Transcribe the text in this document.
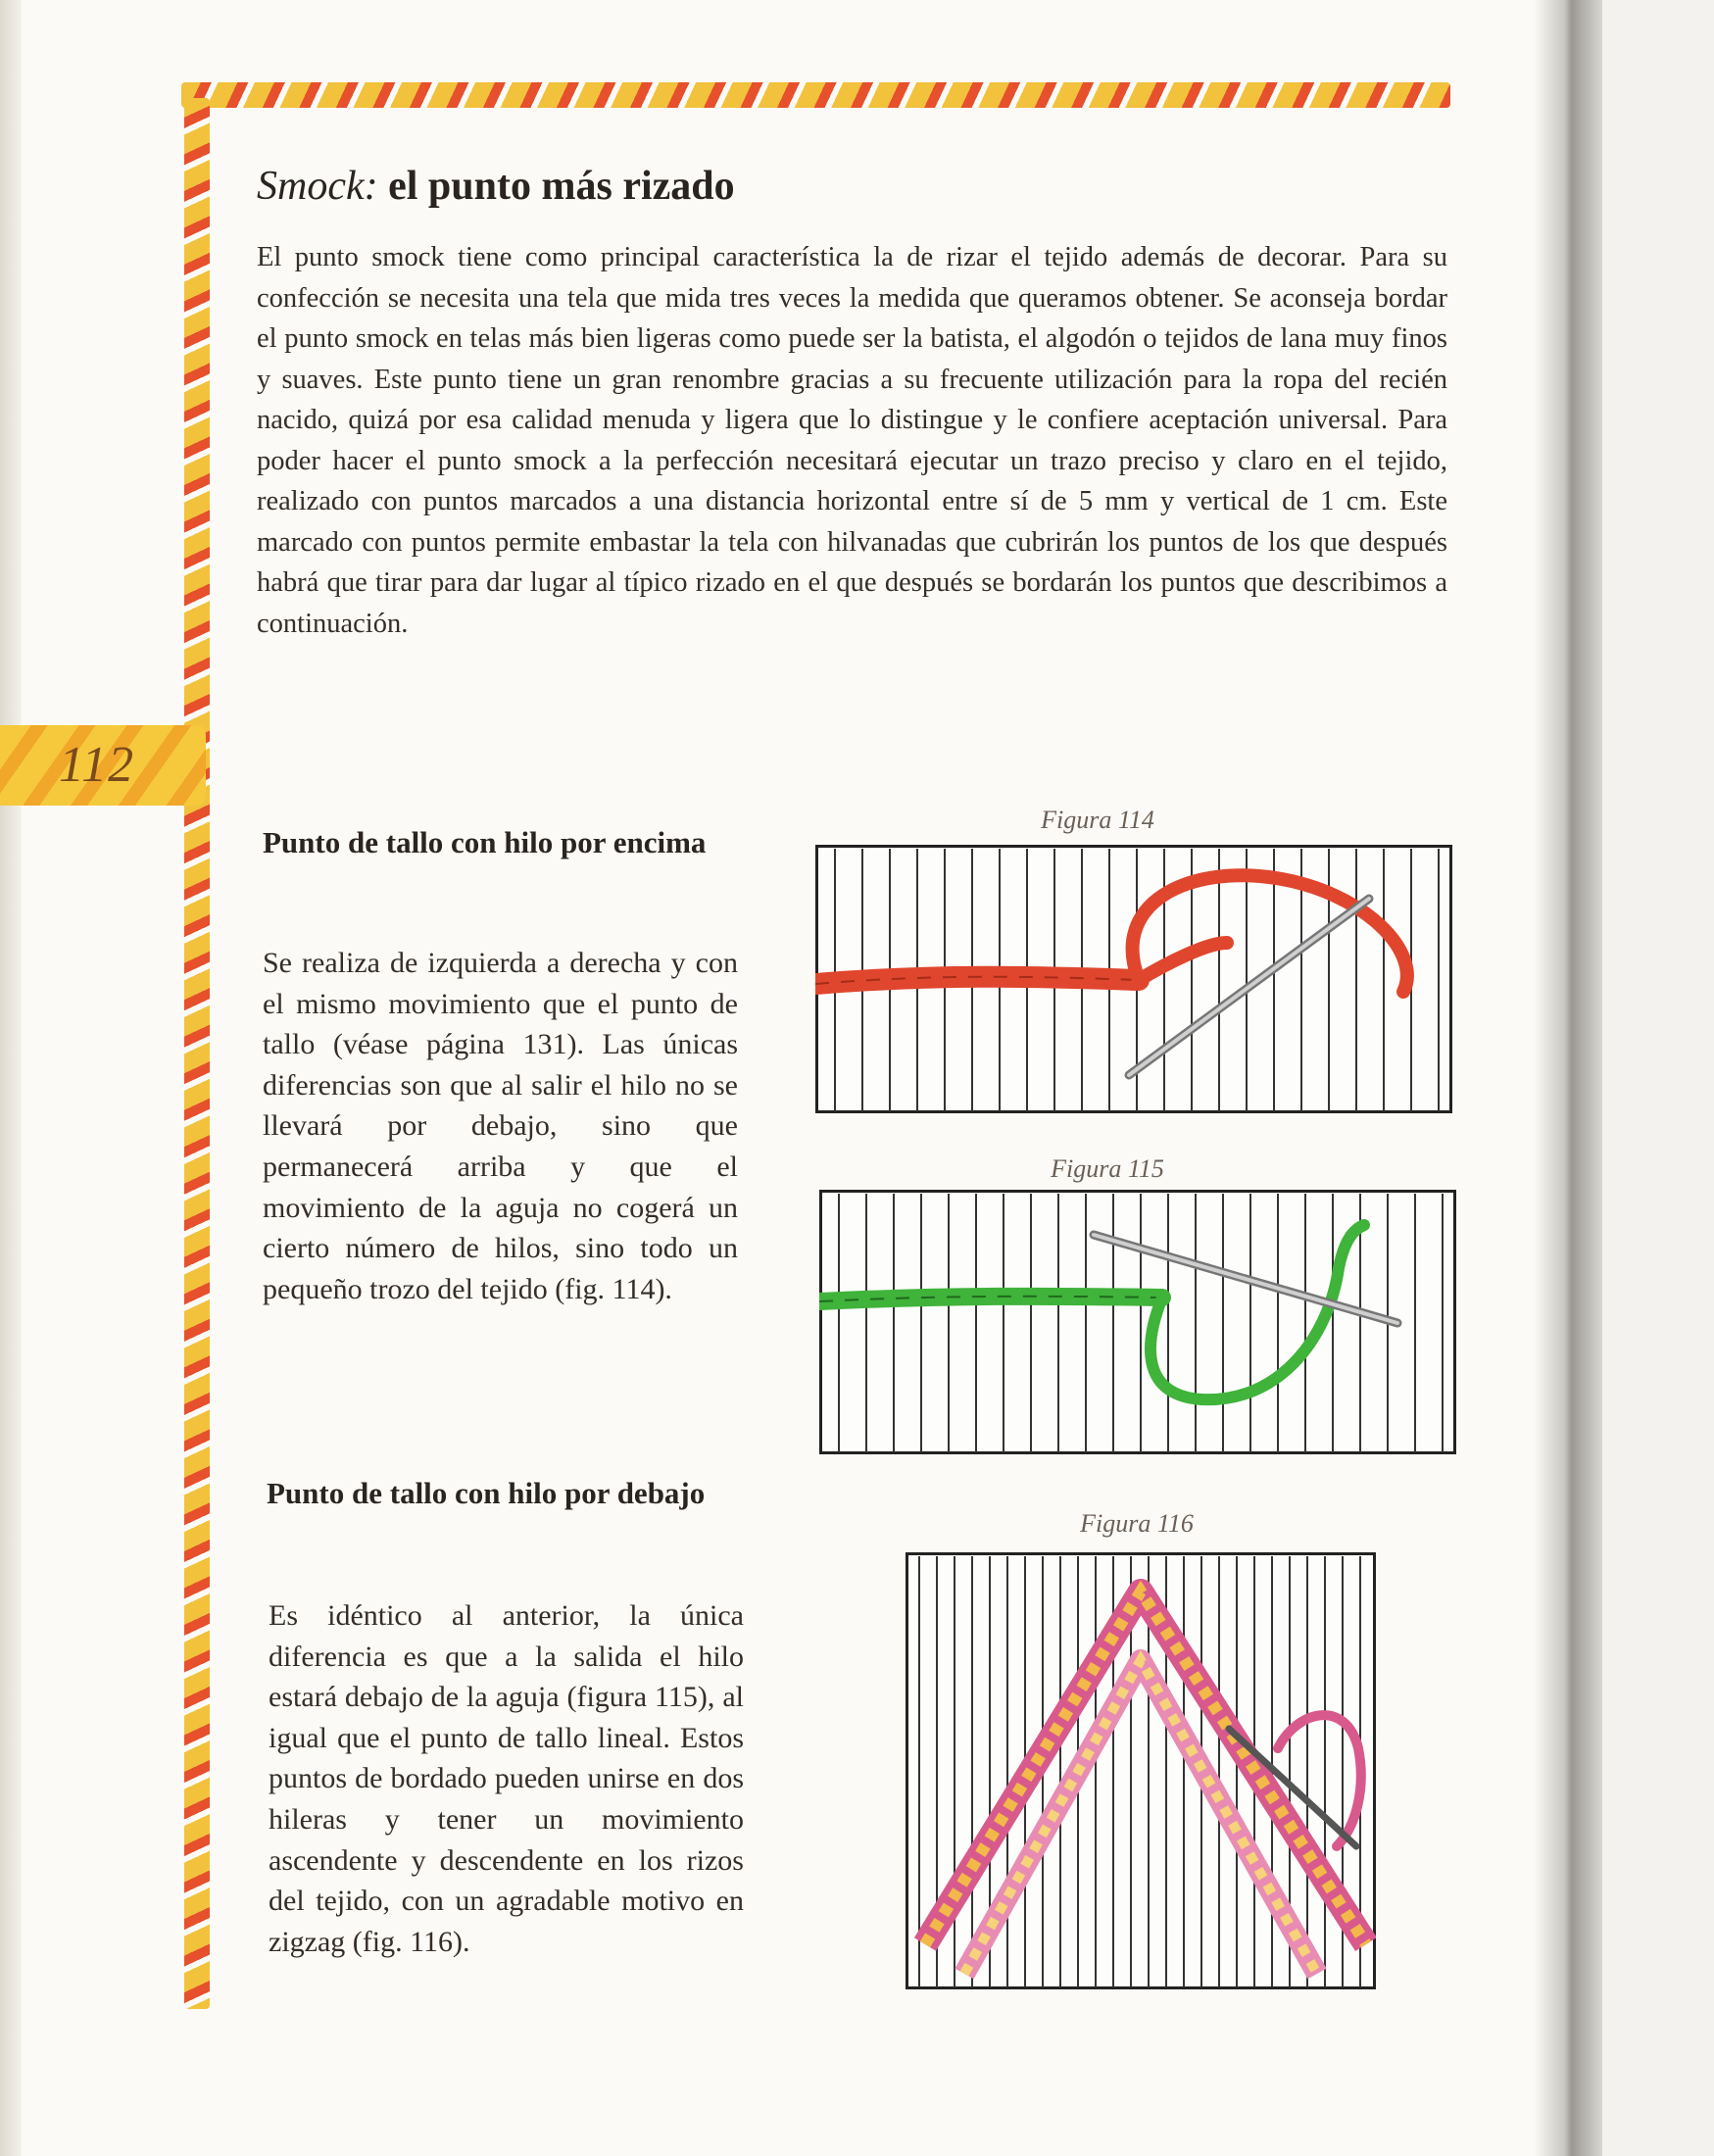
112
Smock: el punto más rizado
El punto smock tiene como principal característica la de rizar el tejido además de decorar. Para su confección se necesita una tela que mida tres veces la medida que queramos obtener. Se aconseja bordar el punto smock en telas más bien ligeras como puede ser la batista, el algodón o tejidos de lana muy finos y suaves. Este punto tiene un gran renombre gracias a su frecuente utilización para la ropa del recién nacido, quizá por esa calidad menuda y ligera que lo distingue y le confiere aceptación universal. Para poder hacer el punto smock a la perfección necesitará ejecutar un trazo preciso y claro en el tejido, realizado con puntos marcados a una distancia horizontal entre sí de 5 mm y vertical de 1 cm. Este marcado con puntos permite embastar la tela con hilvanadas que cubrirán los puntos de los que después habrá que tirar para dar lugar al típico rizado en el que después se bordarán los puntos que describimos a continuación.
Punto de tallo con hilo por encima
Se realiza de izquierda a derecha y con el mismo movimiento que el punto de tallo (véase página 131). Las únicas diferencias son que al salir el hilo no se llevará por debajo, sino que permanecerá arriba y que el movimiento de la aguja no cogerá un cierto número de hilos, sino todo un pequeño trozo del tejido (fig. 114).
Punto de tallo con hilo por debajo
Es idéntico al anterior, la única diferencia es que a la salida el hilo estará debajo de la aguja (figura 115), al igual que el punto de tallo lineal. Estos puntos de bordado pueden unirse en dos hileras y tener un movimiento ascendente y descendente en los rizos del tejido, con un agradable motivo en zigzag (fig. 116).
Figura 114
Figura 115
Figura 116
